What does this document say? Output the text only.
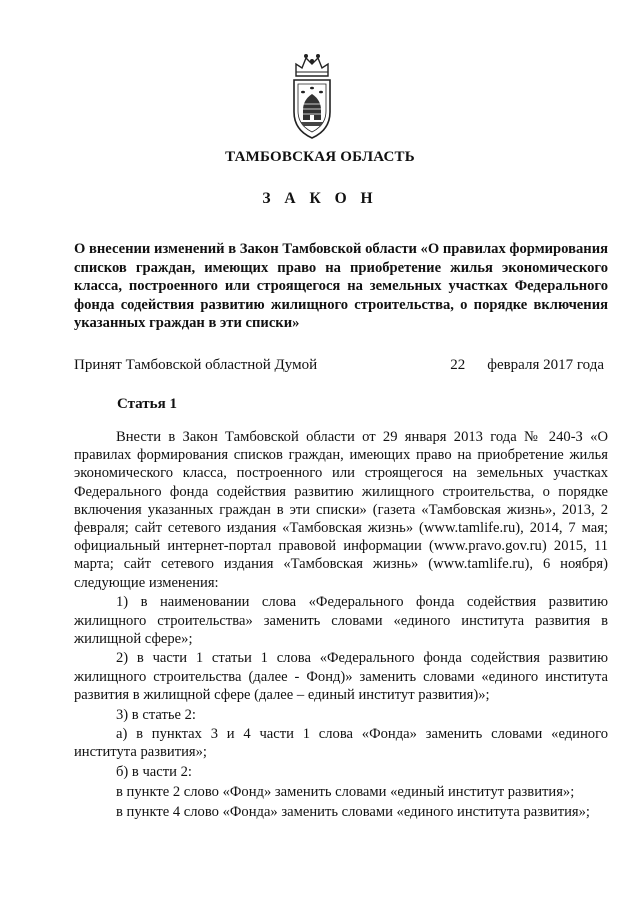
ТАМБОВСКАЯ ОБЛАСТЬ
З А К О Н
О внесении изменений в Закон Тамбовской области «О правилах формирования списков граждан, имеющих право на приобретение жилья экономического класса, построенного или строящегося на земельных участках Федерального фонда содействия развитию жилищного строительства, о порядке включения указанных граждан в эти списки»
Принят Тамбовской областной Думой	22 февраля 2017 года
Статья 1

Внести в Закон Тамбовской области от 29 января 2013 года № 240-З «О правилах формирования списков граждан, имеющих право на приобретение жилья экономического класса, построенного или строящегося на земельных участках Федерального фонда содействия развитию жилищного строительства, о порядке включения указанных граждан в эти списки» (газета «Тамбовская жизнь», 2013, 2 февраля; сайт сетевого издания «Тамбовская жизнь» (www.tamlife.ru), 2014, 7 мая; официальный интернет-портал правовой информации (www.pravo.gov.ru) 2015, 11 марта; сайт сетевого издания «Тамбовская жизнь» (www.tamlife.ru), 6 ноября) следующие изменения:

1) в наименовании слова «Федерального фонда содействия развитию жилищного строительства» заменить словами «единого института развития в жилищной сфере»;

2) в части 1 статьи 1 слова «Федерального фонда содействия развитию жилищного строительства (далее - Фонд)» заменить словами «единого института развития в жилищной сфере (далее – единый институт развития)»;

3) в статье 2:

а) в пунктах 3 и 4 части 1 слова «Фонда» заменить словами «единого института развития»;

б) в части 2:

в пункте 2 слово «Фонд» заменить словами «единый институт развития»;

в пункте 4 слово «Фонда» заменить словами «единого института развития»;
